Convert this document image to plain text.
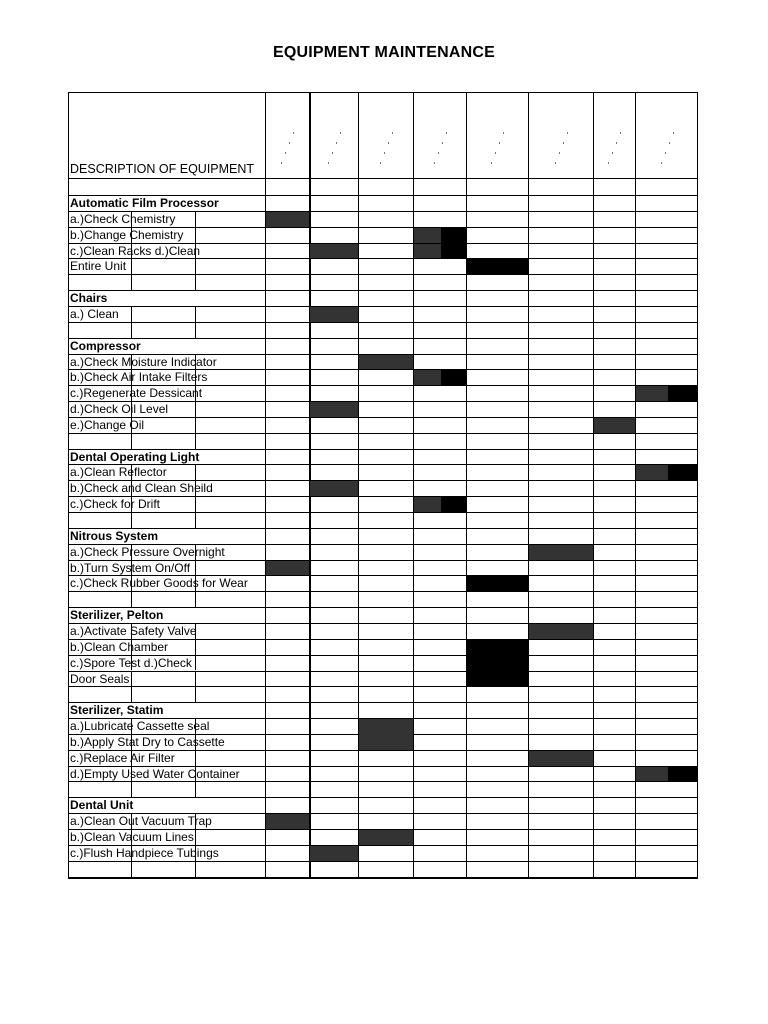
EQUIPMENT MAINTENANCE
DESCRIPTION OF EQUIPMENT
Automatic Film Processor
a.)Check Chemistry
b.)Change Chemistry
c.)Clean Racks d.)Clean
Entire Unit
Chairs
a.) Clean
Compressor
a.)Check Moisture Indicator
b.)Check Air Intake Filters
c.)Regenerate Dessicant
d.)Check Oil Level
e.)Change Oil
Dental Operating Light
a.)Clean Reflector
b.)Check and Clean Sheild
c.)Check for Drift
Nitrous System
a.)Check Pressure Overnight
b.)Turn System On/Off
c.)Check Rubber Goods for Wear
Sterilizer, Pelton
a.)Activate Safety Valve
b.)Clean Chamber
c.)Spore Test d.)Check
Door Seals
Sterilizer, Statim
a.)Lubricate Cassette seal
b.)Apply Stat Dry to Cassette
c.)Replace Air Filter
d.)Empty Used Water Container
Dental Unit
a.)Clean Out Vacuum Trap
b.)Clean Vacuum Lines
c.)Flush Handpiece Tubings
